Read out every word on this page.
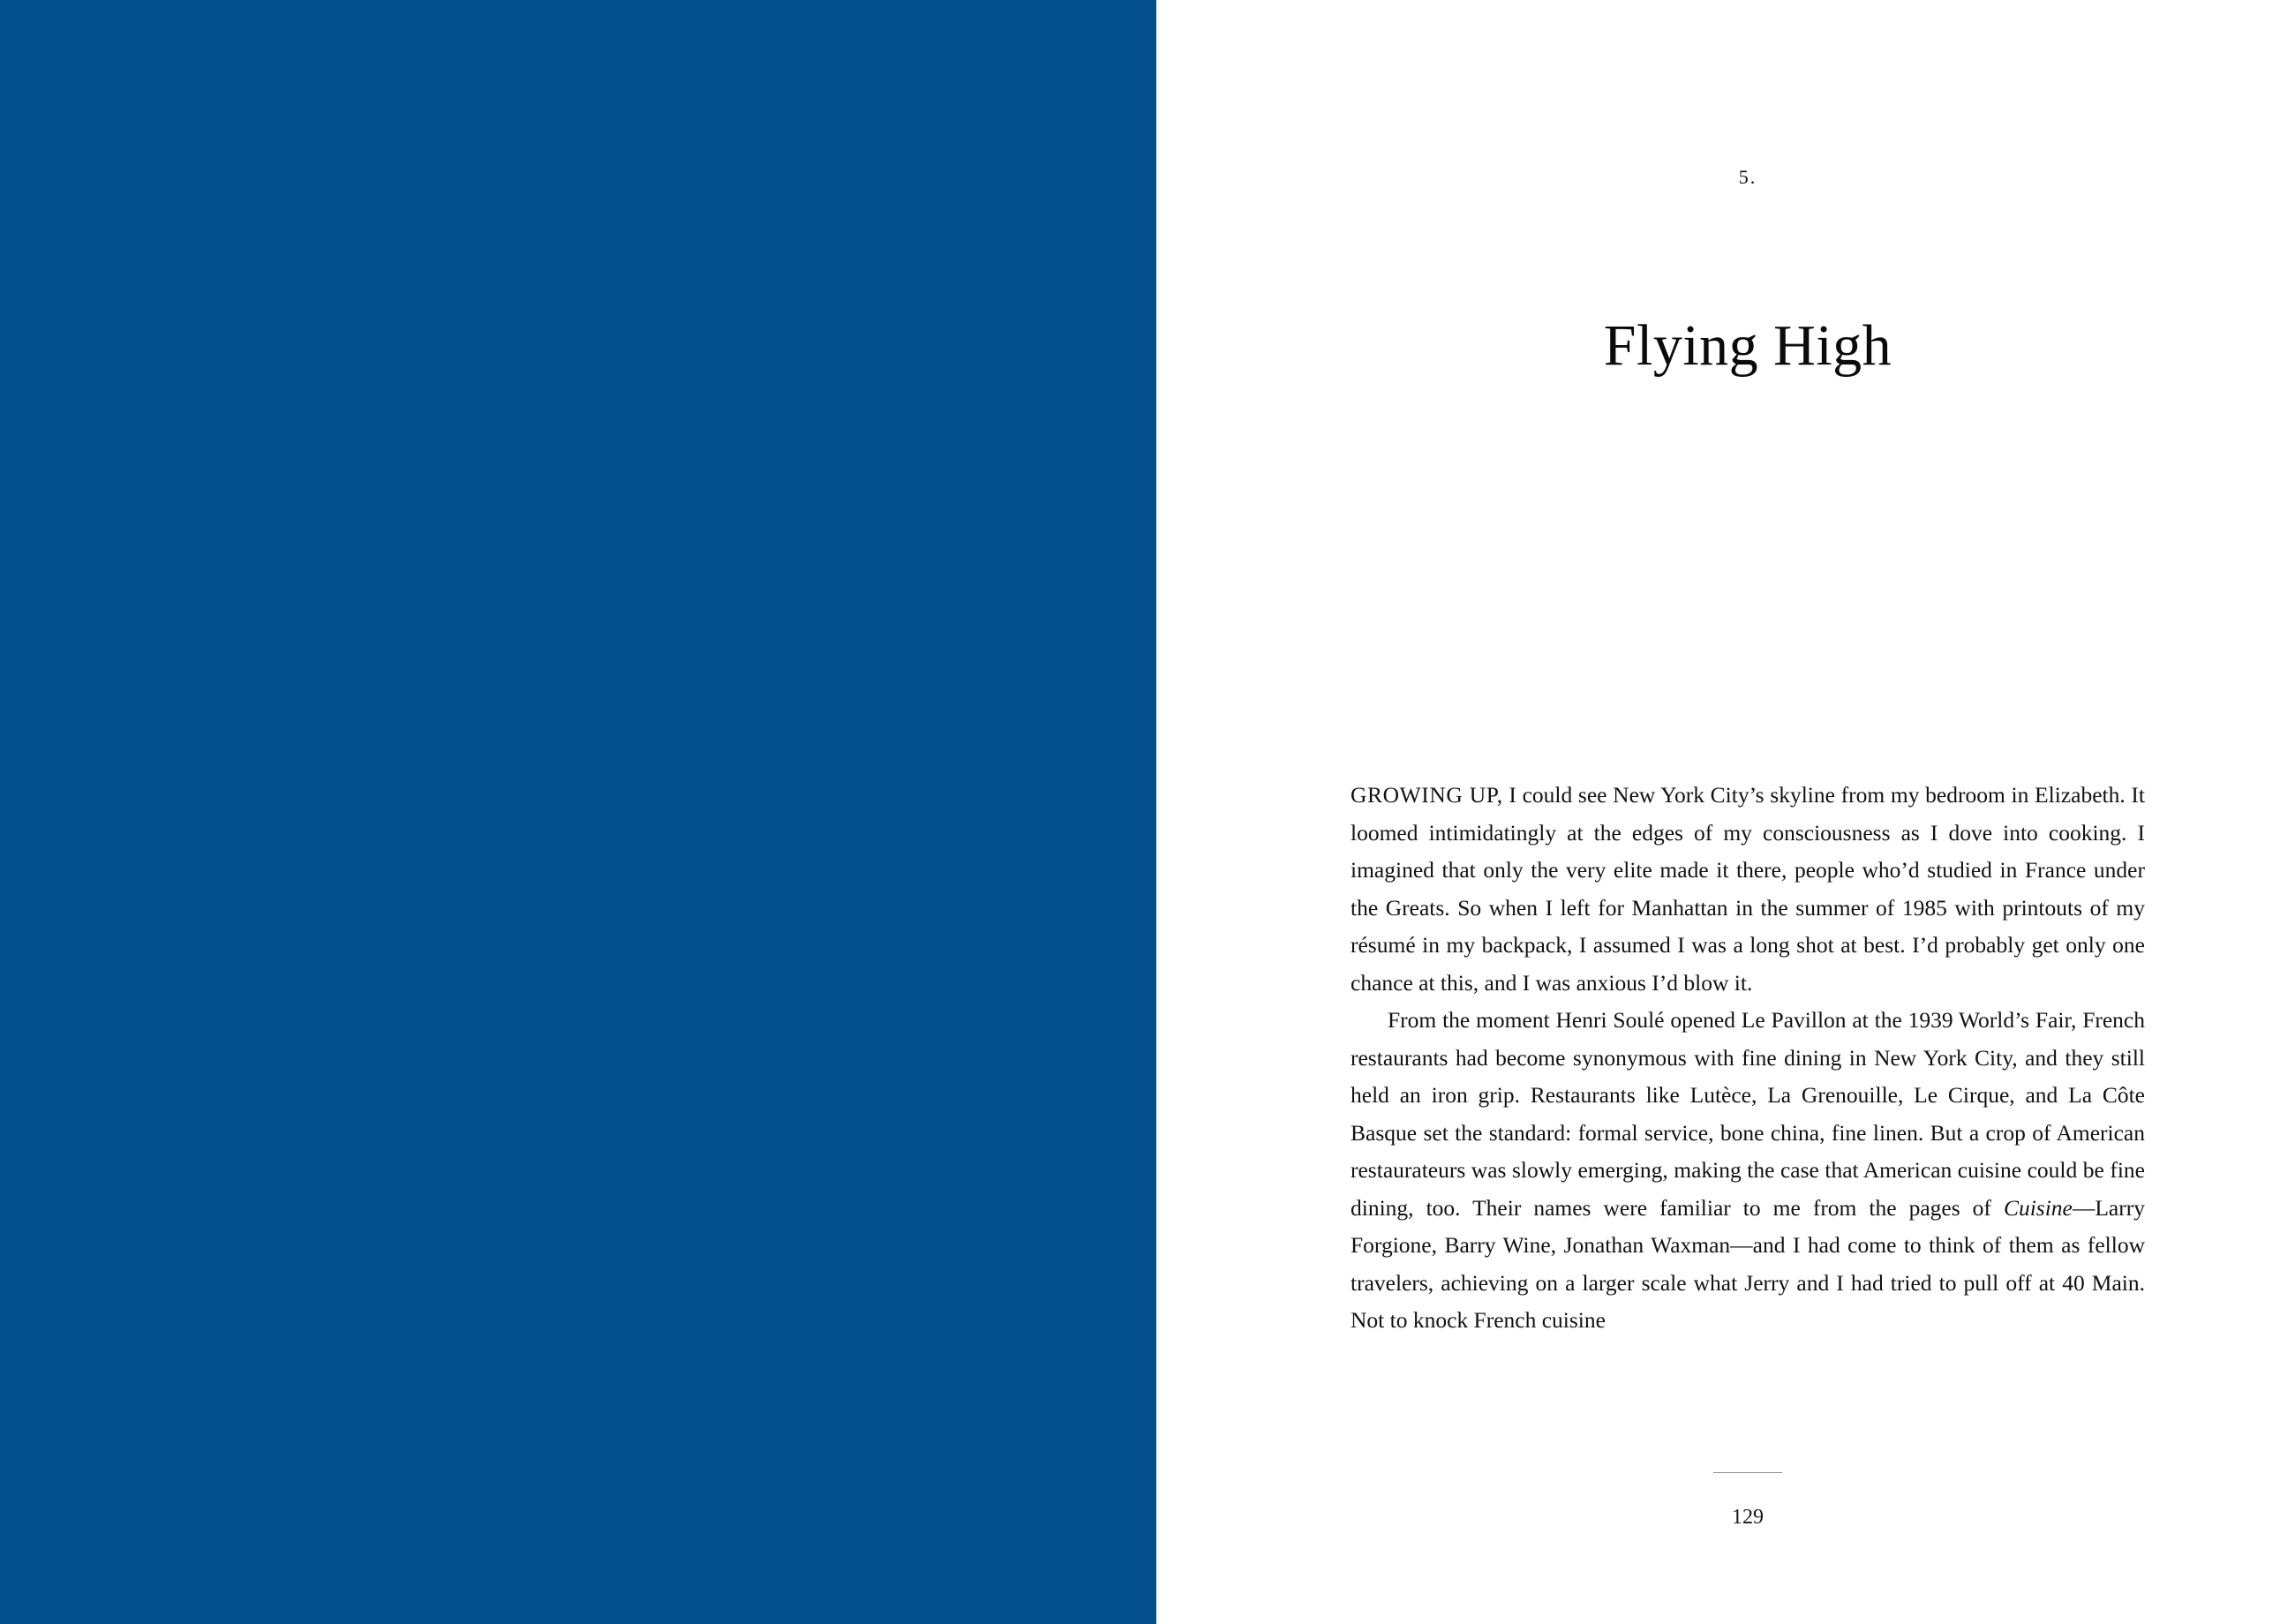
5.
Flying High

GROWING UP, I could see New York City’s skyline from my bedroom in Elizabeth. It loomed intimidatingly at the edges of my consciousness as I dove into cooking. I imagined that only the very elite made it there, people who’d studied in France under the Greats. So when I left for Manhattan in the summer of 1985 with printouts of my résumé in my backpack, I assumed I was a long shot at best. I’d probably get only one chance at this, and I was anxious I’d blow it.

From the moment Henri Soulé opened Le Pavillon at the 1939 World’s Fair, French restaurants had become synonymous with fine dining in New York City, and they still held an iron grip. Restaurants like Lutèce, La Grenouille, Le Cirque, and La Côte Basque set the standard: formal service, bone china, fine linen. But a crop of American restaurateurs was slowly emerging, making the case that American cuisine could be fine dining, too. Their names were familiar to me from the pages of Cuisine—Larry Forgione, Barry Wine, Jonathan Waxman—and I had come to think of them as fellow travelers, achieving on a larger scale what Jerry and I had tried to pull off at 40 Main. Not to knock French cuisine

129
